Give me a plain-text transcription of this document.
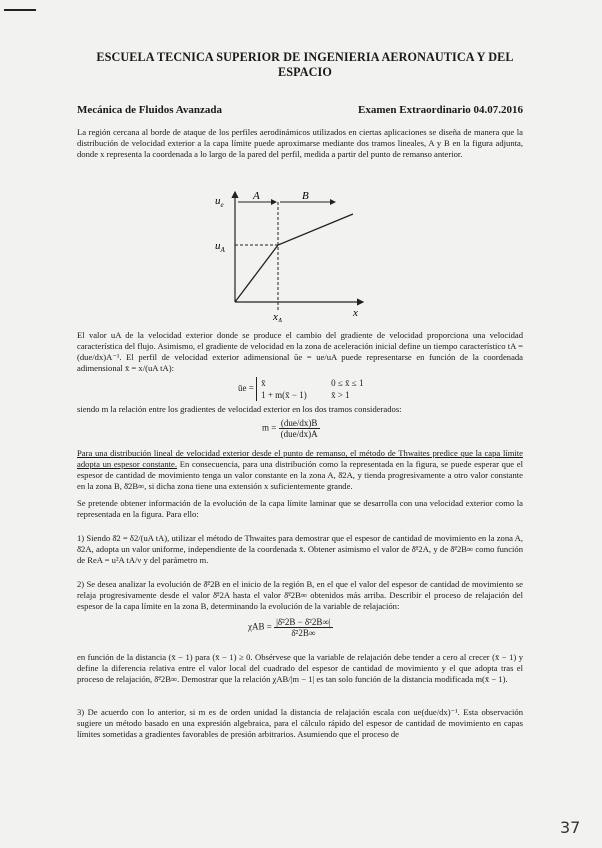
ESCUELA TECNICA SUPERIOR DE INGENIERIA AERONAUTICA Y DEL ESPACIO
Mecánica de Fluidos Avanzada	Examen Extraordinario 04.07.2016
La región cercana al borde de ataque de los perfiles aerodinámicos utilizados en ciertas aplicaciones se diseña de manera que la distribución de velocidad exterior a la capa límite puede aproximarse mediante dos tramos lineales, A y B en la figura adjunta, donde x representa la coordenada a lo largo de la pared del perfil, medida a partir del punto de remanso anterior.
A	B
$u_e$
$u_A$
x
$x_A$
El valor uA de la velocidad exterior donde se produce el cambio del gradiente de velocidad proporciona una velocidad característica del flujo. Asimismo, el gradiente de velocidad en la zona de aceleración inicial define un tiempo característico tA = (due/dx)A⁻¹. El perfil de velocidad exterior adimensional ūe = ue/uA puede representarse en función de la coordenada adimensional x̄ = x/(uA tA):
ūe = x̄	0 ≤ x̄ ≤ 1
1 + m(x̄ − 1)	x̄ > 1
siendo m la relación entre los gradientes de velocidad exterior en los dos tramos considerados:
$m = \frac{\text{(due/dx)B}}{\text{(due/dx)A}}$
Para una distribución lineal de velocidad exterior desde el punto de remanso, el método de Thwaites predice que la capa límite adopta un espesor constante. En consecuencia, para una distribución como la representada en la figura, se puede esperar que el espesor de cantidad de movimiento tenga un valor constante en la zona A, δ̄2A, y tienda progresivamente a otro valor constante en la zona B, δ̄2B∞, si dicha zona tiene una extensión x suficientemente grande.
Se pretende obtener información de la evolución de la capa límite laminar que se desarrolla con una velocidad exterior como la representada en la figura. Para ello:
1) Siendo δ̄2 = δ2/(uA tA), utilizar el método de Thwaites para demostrar que el espesor de cantidad de movimiento en la zona A, δ̄2A, adopta un valor uniforme, independiente de la coordenada x̄. Obtener asimismo el valor de δ̄²2A, y de δ̄²2B∞ como función de ReA = u²A tA/ν y del parámetro m.
2) Se desea analizar la evolución de δ̄²2B en el inicio de la región B, en el que el valor del espesor de cantidad de movimiento se relaja progresivamente desde el valor δ̄²2A hasta el valor δ̄²2B∞ obtenidos más arriba. Describir el proceso de relajación del espesor de la capa límite en la zona B, determinando la evolución de la variable de relajación:
$\chi AB = \frac{\text{|δ̄²2B − δ̄²2B∞|}}{\text{δ̄²2B∞}}$
en función de la distancia (x̄ − 1) para (x̄ − 1) ≥ 0. Obsérvese que la variable de relajación debe tender a cero al crecer (x̄ − 1) y define la diferencia relativa entre el valor local del cuadrado del espesor de cantidad de movimiento y el que adopta tras el proceso de relajación, δ̄²2B∞. Demostrar que la relación χAB/|m − 1| es tan solo función de la distancia modificada m(x̄ − 1).
3) De acuerdo con lo anterior, si m es de orden unidad la distancia de relajación escala con ue(due/dx)⁻¹. Esta observación sugiere un método basado en una expresión algebraica, para el cálculo rápido del espesor de cantidad de movimiento en capas límites sometidas a gradientes favorables de presión arbitrarios. Asumiendo que el proceso de
37
